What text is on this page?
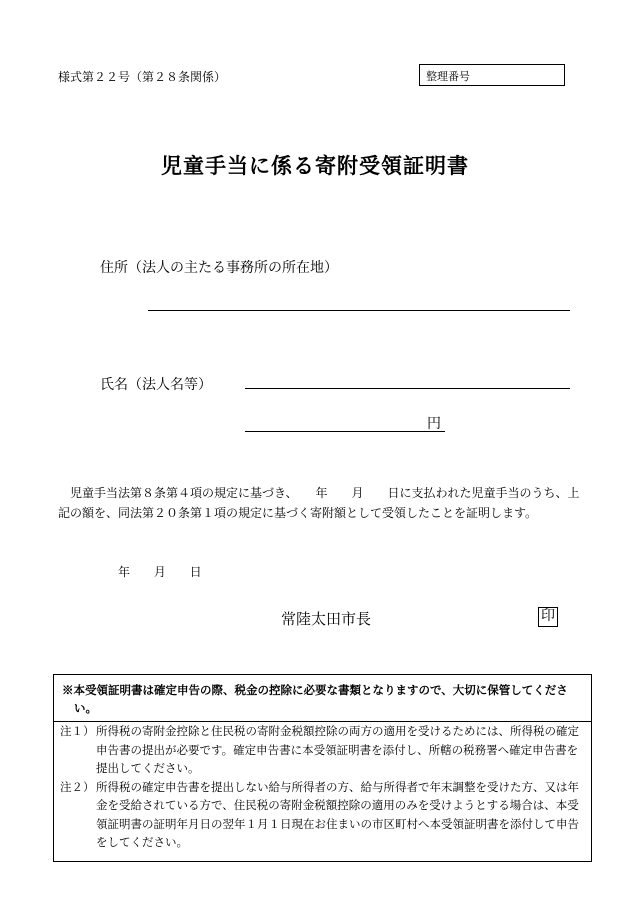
様式第２２号（第２８条関係）	整理番号
児童手当に係る寄附受領証明書
住所（法人の主たる事務所の所在地）
氏名（法人名等）
円

　児童手当法第８条第４項の規定に基づき、　　年　　月　　日に支払われた児童手当のうち、上記の額を、同法第２０条第１項の規定に基づく寄附額として受領したことを証明します。

年 月 日
常陸太田市長	印
※本受領証明書は確定申告の際、税金の控除に必要な書類となりますので、大切に保管してください。
注１） 所得税の寄附金控除と住民税の寄附金税額控除の両方の適用を受けるためには、所得税の確定申告書の提出が必要です。確定申告書に本受領証明書を添付し、所轄の税務署へ確定申告書を提出してください。
注２） 所得税の確定申告書を提出しない給与所得者の方、給与所得者で年末調整を受けた方、又は年金を受給されている方で、住民税の寄附金税額控除の適用のみを受けようとする場合は、本受領証明書の証明年月日の翌年１月１日現在お住まいの市区町村へ本受領証明書を添付して申告をしてください。
